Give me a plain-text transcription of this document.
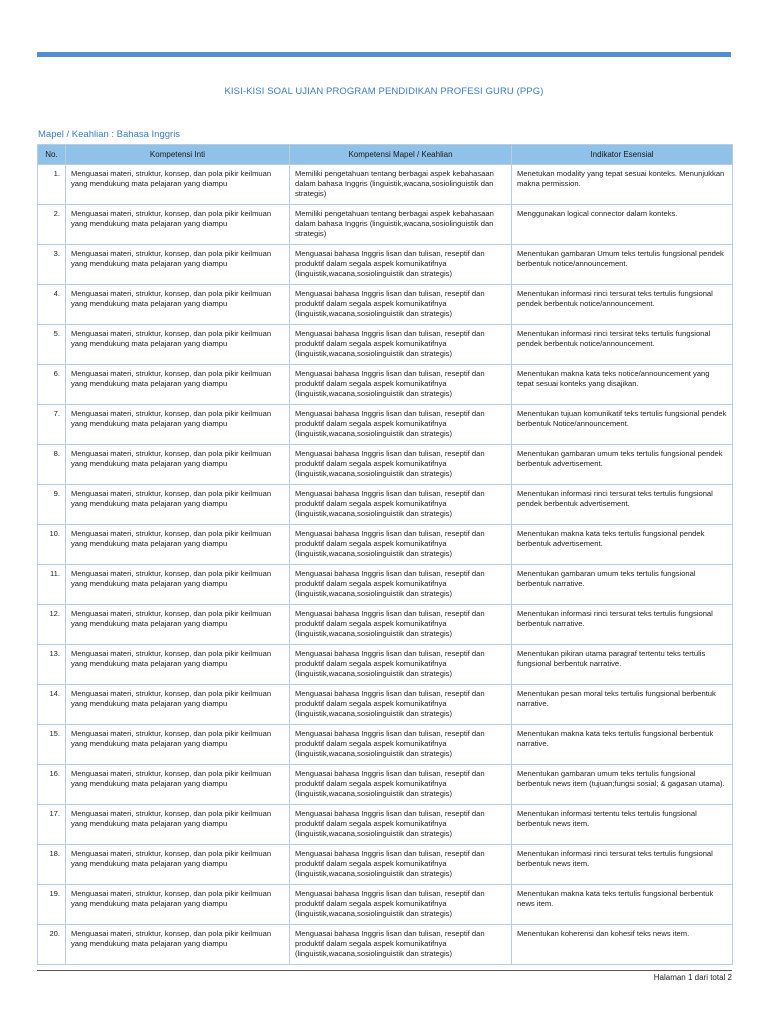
KISI-KISI SOAL UJIAN PROGRAM PENDIDIKAN PROFESI GURU (PPG)
Mapel / Keahlian : Bahasa Inggris
No.	Kompetensi Inti	Kompetensi Mapel / Keahlian	Indikator Esensial
1.	Menguasai materi, struktur, konsep, dan pola pikir keilmuan yang mendukung mata pelajaran yang diampu	Memiliki pengetahuan tentang berbagai aspek kebahasaan dalam bahasa Inggris (linguistik,wacana,sosiolinguistik dan strategis)	Menetukan modality yang tepat sesuai konteks. Menunjukkan makna permission.
2.	Menguasai materi, struktur, konsep, dan pola pikir keilmuan yang mendukung mata pelajaran yang diampu	Memiliki pengetahuan tentang berbagai aspek kebahasaan dalam bahasa Inggris (linguistik,wacana,sosiolinguistik dan strategis)	Menggunakan logical connector dalam konteks.
3.	Menguasai materi, struktur, konsep, dan pola pikir keilmuan yang mendukung mata pelajaran yang diampu	Menguasai bahasa Inggris lisan dan tulisan, reseptif dan produktif dalam segala aspek komunikatifnya (linguistik,wacana,sosiolinguistik dan strategis)	Menentukan gambaran Umum teks tertulis fungsional pendek berbentuk notice/announcement.
4.	Menguasai materi, struktur, konsep, dan pola pikir keilmuan yang mendukung mata pelajaran yang diampu	Menguasai bahasa Inggris lisan dan tulisan, reseptif dan produktif dalam segala aspek komunikatifnya (linguistik,wacana,sosiolinguistik dan strategis)	Menentukan informasi rinci tersurat teks tertulis fungsional pendek berbentuk notice/announcement.
5.	Menguasai materi, struktur, konsep, dan pola pikir keilmuan yang mendukung mata pelajaran yang diampu	Menguasai bahasa Inggris lisan dan tulisan, reseptif dan produktif dalam segala aspek komunikatifnya (linguistik,wacana,sosiolinguistik dan strategis)	Menentukan informasi rinci tersirat teks tertulis fungsional pendek berbentuk notice/announcement.
6.	Menguasai materi, struktur, konsep, dan pola pikir keilmuan yang mendukung mata pelajaran yang diampu	Menguasai bahasa Inggris lisan dan tulisan, reseptif dan produktif dalam segala aspek komunikatifnya (linguistik,wacana,sosiolinguistik dan strategis)	Menentukan makna kata teks notice/announcement yang tepat sesuai konteks yang disajikan.
7.	Menguasai materi, struktur, konsep, dan pola pikir keilmuan yang mendukung mata pelajaran yang diampu	Menguasai bahasa Inggris lisan dan tulisan, reseptif dan produktif dalam segala aspek komunikatifnya (linguistik,wacana,sosiolinguistik dan strategis)	Menentukan tujuan komunikatif teks tertulis fungsional pendek berbentuk Notice/announcement.
8.	Menguasai materi, struktur, konsep, dan pola pikir keilmuan yang mendukung mata pelajaran yang diampu	Menguasai bahasa Inggris lisan dan tulisan, reseptif dan produktif dalam segala aspek komunikatifnya (linguistik,wacana,sosiolinguistik dan strategis)	Menentukan gambaran umum teks tertulis fungsional pendek berbentuk advertisement.
9.	Menguasai materi, struktur, konsep, dan pola pikir keilmuan yang mendukung mata pelajaran yang diampu	Menguasai bahasa Inggris lisan dan tulisan, reseptif dan produktif dalam segala aspek komunikatifnya (linguistik,wacana,sosiolinguistik dan strategis)	Menentukan informasi rinci tersurat teks tertulis fungsional pendek berbentuk advertisement.
10.	Menguasai materi, struktur, konsep, dan pola pikir keilmuan yang mendukung mata pelajaran yang diampu	Menguasai bahasa Inggris lisan dan tulisan, reseptif dan produktif dalam segala aspek komunikatifnya (linguistik,wacana,sosiolinguistik dan strategis)	Menentukan makna kata teks tertulis fungsional pendek berbentuk advertisement.
11.	Menguasai materi, struktur, konsep, dan pola pikir keilmuan yang mendukung mata pelajaran yang diampu	Menguasai bahasa Inggris lisan dan tulisan, reseptif dan produktif dalam segala aspek komunikatifnya (linguistik,wacana,sosiolinguistik dan strategis)	Menentukan gambaran umum teks tertulis fungsional berbentuk narrative.
12.	Menguasai materi, struktur, konsep, dan pola pikir keilmuan yang mendukung mata pelajaran yang diampu	Menguasai bahasa Inggris lisan dan tulisan, reseptif dan produktif dalam segala aspek komunikatifnya (linguistik,wacana,sosiolinguistik dan strategis)	Menentukan informasi rinci tersurat teks tertulis fungsional berbentuk narrative.
13.	Menguasai materi, struktur, konsep, dan pola pikir keilmuan yang mendukung mata pelajaran yang diampu	Menguasai bahasa Inggris lisan dan tulisan, reseptif dan produktif dalam segala aspek komunikatifnya (linguistik,wacana,sosiolinguistik dan strategis)	Menentukan pikiran utama paragraf tertentu teks tertulis fungsional berbentuk narrative.
14.	Menguasai materi, struktur, konsep, dan pola pikir keilmuan yang mendukung mata pelajaran yang diampu	Menguasai bahasa Inggris lisan dan tulisan, reseptif dan produktif dalam segala aspek komunikatifnya (linguistik,wacana,sosiolinguistik dan strategis)	Menentukan pesan moral teks tertulis fungsional berbentuk narrative.
15.	Menguasai materi, struktur, konsep, dan pola pikir keilmuan yang mendukung mata pelajaran yang diampu	Menguasai bahasa Inggris lisan dan tulisan, reseptif dan produktif dalam segala aspek komunikatifnya (linguistik,wacana,sosiolinguistik dan strategis)	Menentukan makna kata teks tertulis fungsional berbentuk narrative.
16.	Menguasai materi, struktur, konsep, dan pola pikir keilmuan yang mendukung mata pelajaran yang diampu	Menguasai bahasa Inggris lisan dan tulisan, reseptif dan produktif dalam segala aspek komunikatifnya (linguistik,wacana,sosiolinguistik dan strategis)	Menentukan gambaran umum teks tertulis fungsional berbentuk news item (tujuan;fungsi sosial; & gagasan utama).
17.	Menguasai materi, struktur, konsep, dan pola pikir keilmuan yang mendukung mata pelajaran yang diampu	Menguasai bahasa Inggris lisan dan tulisan, reseptif dan produktif dalam segala aspek komunikatifnya (linguistik,wacana,sosiolinguistik dan strategis)	Menentukan informasi tertentu teks tertulis fungsional berbentuk news item.
18.	Menguasai materi, struktur, konsep, dan pola pikir keilmuan yang mendukung mata pelajaran yang diampu	Menguasai bahasa Inggris lisan dan tulisan, reseptif dan produktif dalam segala aspek komunikatifnya (linguistik,wacana,sosiolinguistik dan strategis)	Menentukan informasi rinci tersurat teks tertulis fungsional berbentuk news item.
19.	Menguasai materi, struktur, konsep, dan pola pikir keilmuan yang mendukung mata pelajaran yang diampu	Menguasai bahasa Inggris lisan dan tulisan, reseptif dan produktif dalam segala aspek komunikatifnya (linguistik,wacana,sosiolinguistik dan strategis)	Menentukan makna kata teks tertulis fungsional berbentuk news item.
20.	Menguasai materi, struktur, konsep, dan pola pikir keilmuan yang mendukung mata pelajaran yang diampu	Menguasai bahasa Inggris lisan dan tulisan, reseptif dan produktif dalam segala aspek komunikatifnya (linguistik,wacana,sosiolinguistik dan strategis)	Menentukan koherensi dan kohesif teks news item.
Halaman 1 dari total 2
